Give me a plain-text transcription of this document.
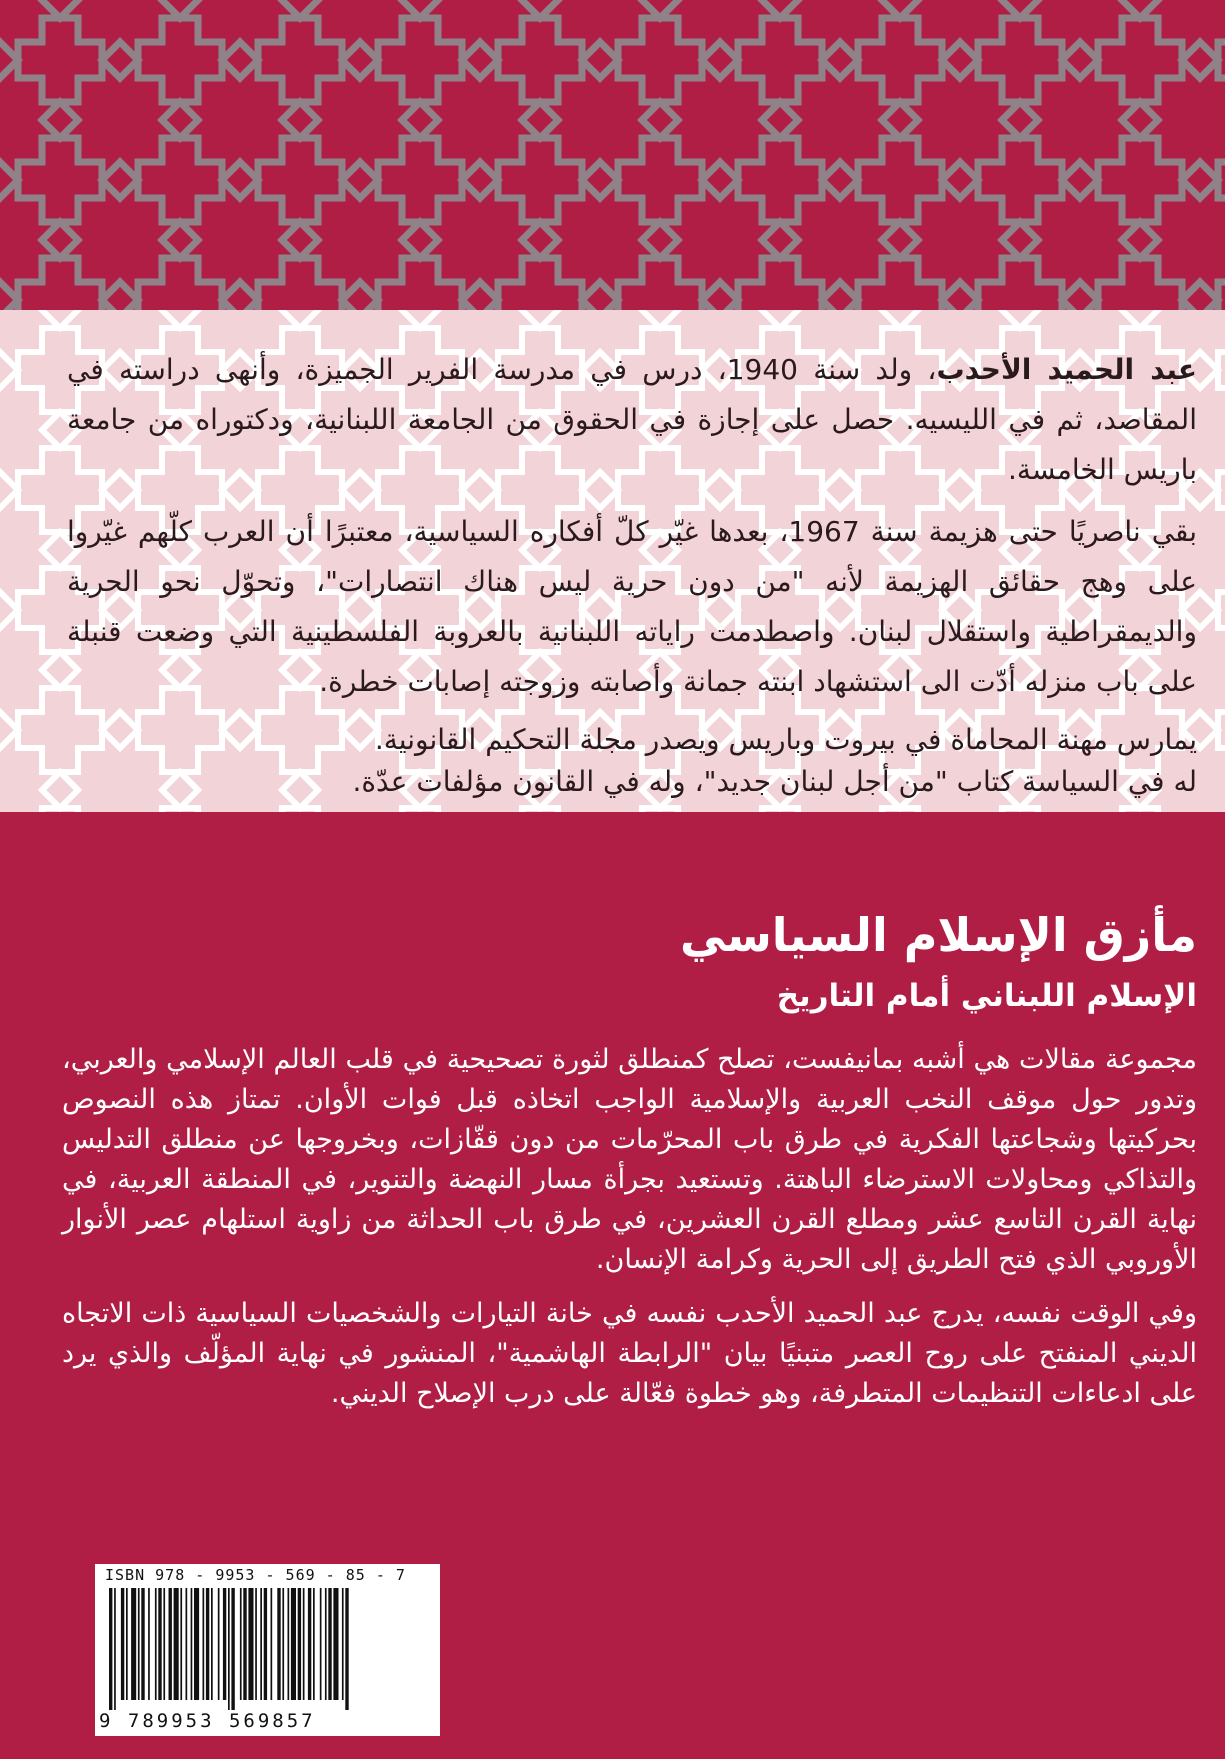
عبد الحميد الأحدب، ولد سنة 1940، درس في مدرسة الفرير الجميزة، وأنهى دراسته في المقاصد، ثم في الليسيه. حصل على إجازة في الحقوق من الجامعة اللبنانية، ودكتوراه من جامعة باريس الخامسة.

بقي ناصريًا حتى هزيمة سنة 1967، بعدها غيّر كلّ أفكاره السياسية، معتبرًا أن العرب كلّهم غيّروا على وهج حقائق الهزيمة لأنه "من دون حرية ليس هناك انتصارات"، وتحوّل نحو الحرية والديمقراطية واستقلال لبنان. واصطدمت راياته اللبنانية بالعروبة الفلسطينية التي وضعت قنبلة على باب منزله أدّت الى استشهاد ابنته جمانة وأصابته وزوجته إصابات خطرة.

يمارس مهنة المحاماة في بيروت وباريس ويصدر مجلة التحكيم القانونية.
له في السياسة كتاب "من أجل لبنان جديد"، وله في القانون مؤلفات عدّة.

مأزق الإسلام السياسي
الإسلام اللبناني أمام التاريخ

مجموعة مقالات هي أشبه بمانيفست، تصلح كمنطلق لثورة تصحيحية في قلب العالم الإسلامي والعربي، وتدور حول موقف النخب العربية والإسلامية الواجب اتخاذه قبل فوات الأوان. تمتاز هذه النصوص بحركيتها وشجاعتها الفكرية في طرق باب المحرّمات من دون قفّازات، وبخروجها عن منطلق التدليس والتذاكي ومحاولات الاسترضاء الباهتة. وتستعيد بجرأة مسار النهضة والتنوير، في المنطقة العربية، في نهاية القرن التاسع عشر ومطلع القرن العشرين، في طرق باب الحداثة من زاوية استلهام عصر الأنوار الأوروبي الذي فتح الطريق إلى الحرية وكرامة الإنسان.

وفي الوقت نفسه، يدرج عبد الحميد الأحدب نفسه في خانة التيارات والشخصيات السياسية ذات الاتجاه الديني المنفتح على روح العصر متبنيًا بيان "الرابطة الهاشمية"، المنشور في نهاية المؤلّف والذي يرد على ادعاءات التنظيمات المتطرفة، وهو خطوة فعّالة على درب الإصلاح الديني.

ISBN 978 - 9953 - 569 - 85 - 7
9 789953 569857
